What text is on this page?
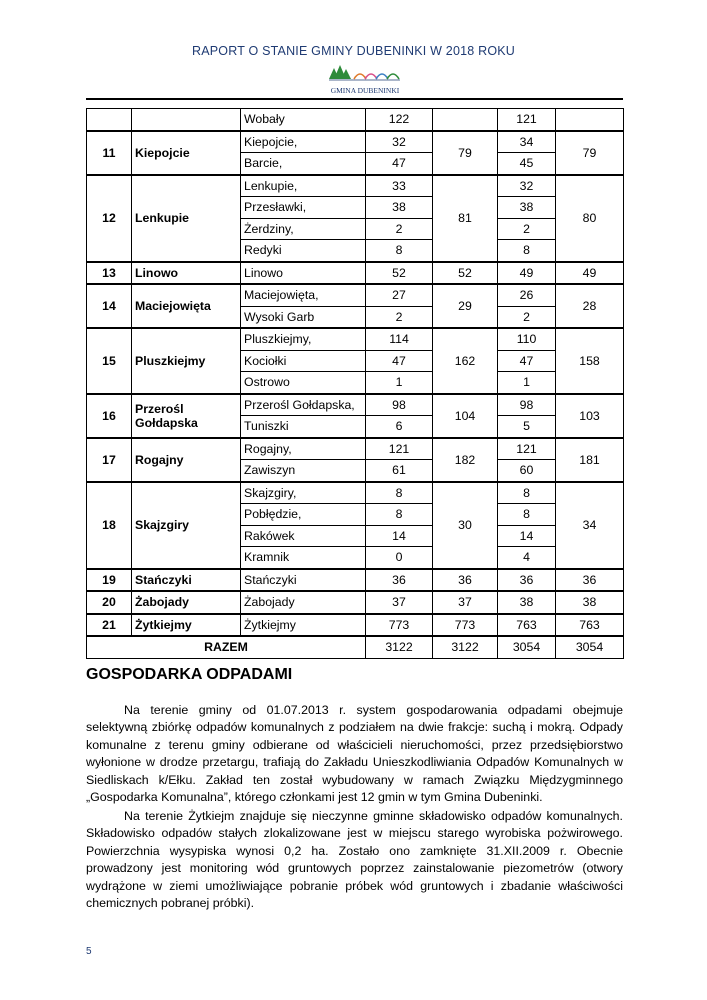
RAPORT O STANIE GMINY DUBENINKI W 2018 ROKU
GMINA DUBENINKI
		Wobały	122		121	
11	Kiepojcie	Kiepojcie,	32	79	34	79
		Barcie,	47		45	
12	Lenkupie	Lenkupie,	33	81	32	80
		Przesławki,	38		38	
		Żerdziny,	2		2	
		Redyki	8		8	
13	Linowo	Linowo	52	52	49	49
14	Maciejowięta	Maciejowięta,	27	29	26	28
		Wysoki Garb	2		2	
15	Pluszkiejmy	Pluszkiejmy,	114	162	110	158
		Kociołki	47		47	
		Ostrowo	1		1	
16	Przerośl Gołdapska	Przerośl Gołdapska,	98	104	98	103
		Tuniszki	6		5	
17	Rogajny	Rogajny,	121	182	121	181
		Zawiszyn	61		60	
18	Skajzgiry	Skajzgiry,	8	30	8	34
		Pobłędzie,	8		8	
		Rakówek	14		14	
		Kramnik	0		4	
19	Stańczyki	Stańczyki	36	36	36	36
20	Żabojady	Żabojady	37	37	38	38
21	Żytkiejmy	Żytkiejmy	773	773	763	763
RAZEM			3122	3122	3054	3054
GOSPODARKA ODPADAMI

Na terenie gminy od 01.07.2013 r. system gospodarowania odpadami obejmuje selektywną zbiórkę odpadów komunalnych z podziałem na dwie frakcje: suchą i mokrą. Odpady komunalne z terenu gminy odbierane od właścicieli nieruchomości, przez przedsiębiorstwo wyłonione w drodze przetargu, trafiają do Zakładu Unieszkodliwiania Odpadów Komunalnych w Siedliskach k/Ełku. Zakład ten został wybudowany w ramach Związku Międzygminnego „Gospodarka Komunalna”, którego członkami jest 12 gmin w tym Gmina Dubeninki.

Na terenie Żytkiejm znajduje się nieczynne gminne składowisko odpadów komunalnych. Składowisko odpadów stałych zlokalizowane jest w miejscu starego wyrobiska pożwirowego. Powierzchnia wysypiska wynosi 0,2 ha. Zostało ono zamknięte 31.XII.2009 r. Obecnie prowadzony jest monitoring wód gruntowych poprzez zainstalowanie piezometrów (otwory wydrążone w ziemi umożliwiające pobranie próbek wód gruntowych i zbadanie właściwości chemicznych pobranej próbki).

5
